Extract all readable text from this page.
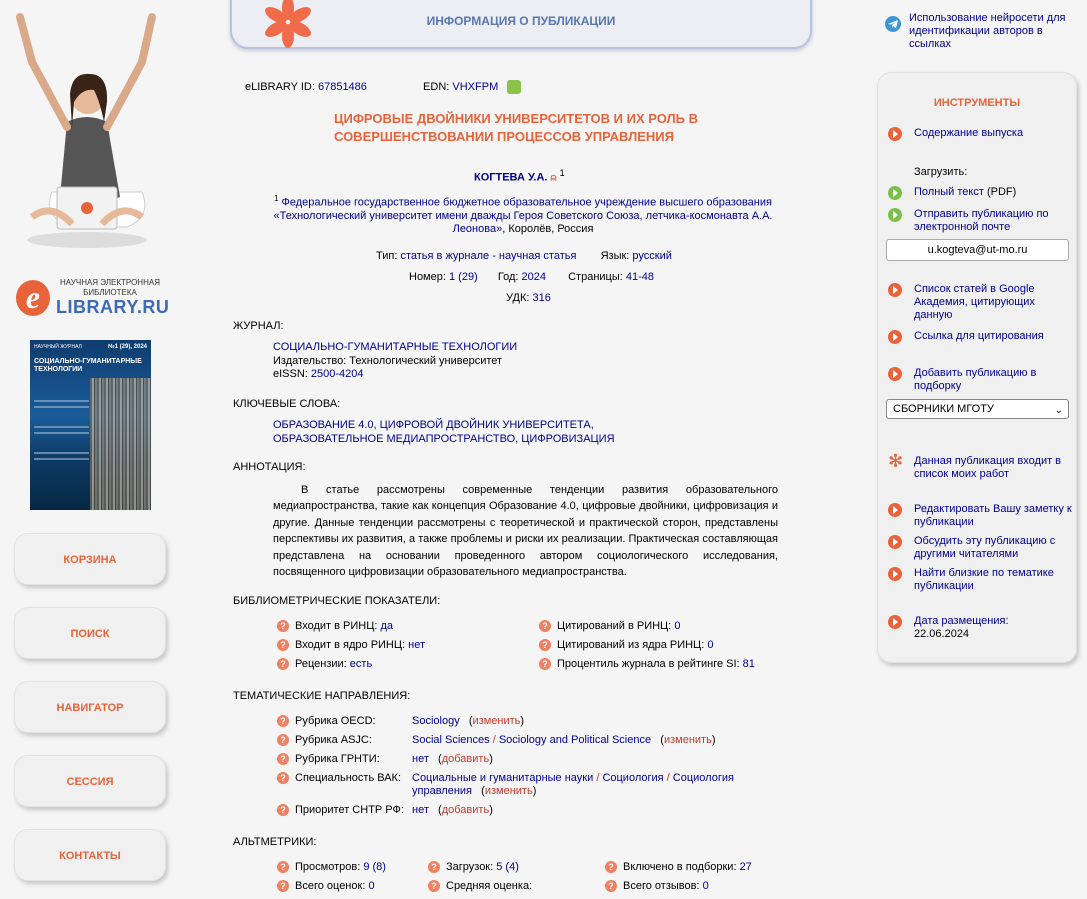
e	НАУЧНАЯ ЭЛЕКТРОННАЯ БИБЛИОТЕКА
LIBRARY.RU
НАУЧНЫЙ ЖУРНАЛ	№1 (29), 2024
СОЦИАЛЬНО-ГУМАНИТАРНЫЕ ТЕХНОЛОГИИ
КОРЗИНА
ПОИСК
НАВИГАТОР
СЕССИЯ
КОНТАКТЫ
ИНФОРМАЦИЯ О ПУБЛИКАЦИИ
eLIBRARY ID: 67851486	EDN: VHXFPM
ЦИФРОВЫЕ ДВОЙНИКИ УНИВЕРСИТЕТОВ И ИХ РОЛЬ В СОВЕРШЕНСТВОВАНИИ ПРОЦЕССОВ УПРАВЛЕНИЯ
КОГТЕВА У.А. ⍝ $^1$
$^1$ Федеральное государственное бюджетное образовательное учреждение высшего образования «Технологический университет имени дважды Героя Советского Союза, летчика-космонавта А.А. Леонова», Королёв, Россия
Тип: статья в журнале - научная статья Язык: русский
Номер: 1 (29) Год: 2024 Страницы: 41-48
УДК: 316
ЖУРНАЛ:
СОЦИАЛЬНО-ГУМАНИТАРНЫЕ ТЕХНОЛОГИИ
Издательство: Технологический университет
eISSN: 2500-4204
КЛЮЧЕВЫЕ СЛОВА:
ОБРАЗОВАНИЕ 4.0, ЦИФРОВОЙ ДВОЙНИК УНИВЕРСИТЕТА, ОБРАЗОВАТЕЛЬНОЕ МЕДИАПРОСТРАНСТВО, ЦИФРОВИЗАЦИЯ
АННОТАЦИЯ:
В статье рассмотрены современные тенденции развития образовательного медиапространства, такие как концепция Образование 4.0, цифровые двойники, цифровизация и другие. Данные тенденции рассмотрены с теоретической и практической сторон, представлены перспективы их развития, а также проблемы и риски их реализации. Практическая составляющая представлена на основании проведенного автором социологического исследования, посвященного цифровизации образовательного медиапространства.
БИБЛИОМЕТРИЧЕСКИЕ ПОКАЗАТЕЛИ:
? Входит в РИНЦ: да	? Цитирований в РИНЦ: 0
? Входит в ядро РИНЦ: нет	? Цитирований из ядра РИНЦ: 0
? Рецензии: есть	? Процентиль журнала в рейтинге SI: 81
ТЕМАТИЧЕСКИЕ НАПРАВЛЕНИЯ:
? Рубрика OECD:	Sociology   (изменить)
? Рубрика ASJC:	Social Sciences / Sociology and Political Science   (изменить)
? Рубрика ГРНТИ:	нет   (добавить)
? Специальность ВАК: Социальные и гуманитарные науки / Социология / Социология
управления   (изменить)
? Приоритет СНТР РФ: нет   (добавить)
АЛЬТМЕТРИКИ:
? Просмотров: 9 (8)	? Загрузок: 5 (4)	? Включено в подборки: 27
? Всего оценок: 0	? Средняя оценка:	? Всего отзывов: 0
Использование нейросети для идентификации авторов в ссылках
ИНСТРУМЕНТЫ
Содержание выпуска
Загрузить:
Полный текст (PDF)
Отправить публикацию по электронной почте
u.kogteva@ut-mo.ru
Список статей в Google Академия, цитирующих данную
Ссылка для цитирования
Добавить публикацию в подборку
СБОРНИКИ МГОТУ	⌄
✻ Данная публикация входит в список моих работ
Редактировать Вашу заметку к публикации
Обсудить эту публикацию с другими читателями
Найти близкие по тематике публикации
Дата размещения:
22.06.2024
